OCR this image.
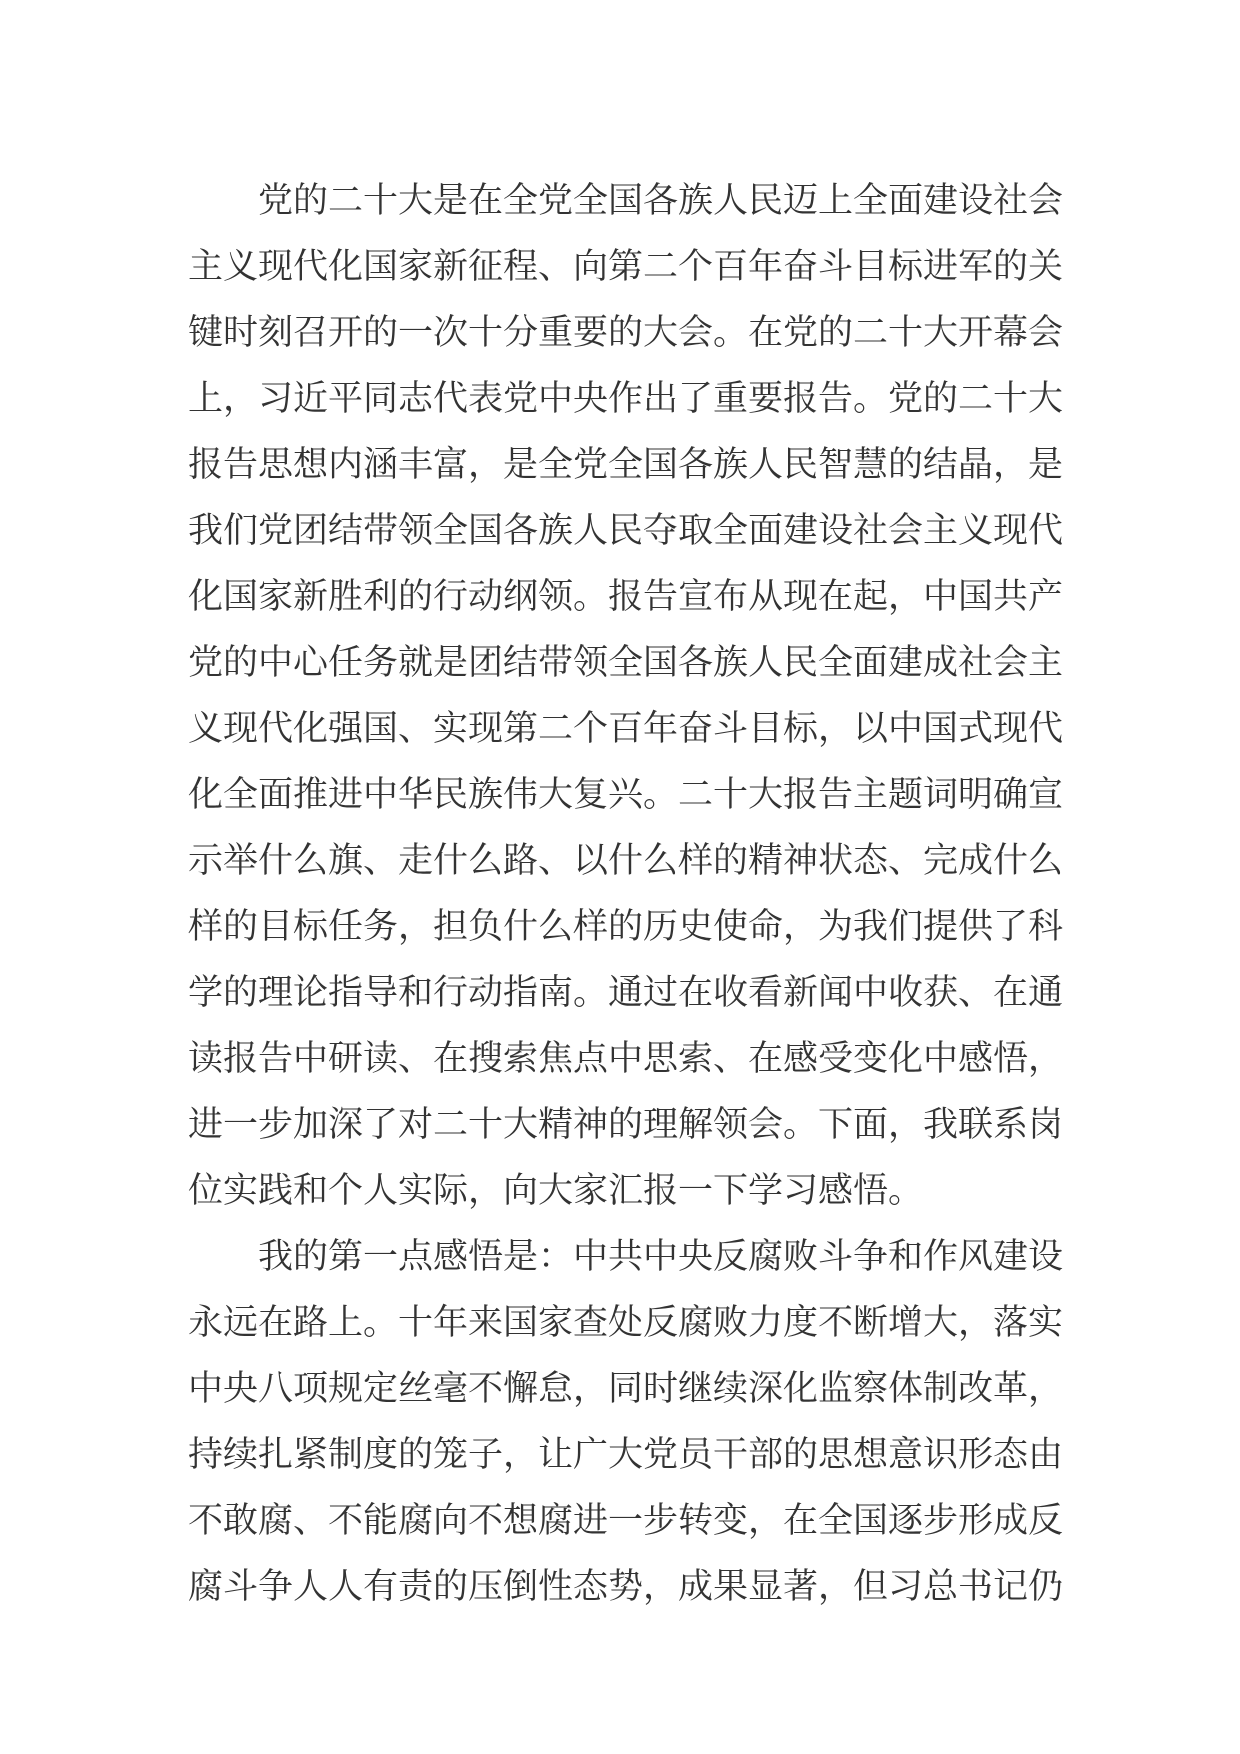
党的二十大是在全党全国各族人民迈上全面建设社会
主义现代化国家新征程、向第二个百年奋斗目标进军的关
键时刻召开的一次十分重要的大会。在党的二十大开幕会
上，习近平同志代表党中央作出了重要报告。党的二十大
报告思想内涵丰富，是全党全国各族人民智慧的结晶，是
我们党团结带领全国各族人民夺取全面建设社会主义现代
化国家新胜利的行动纲领。报告宣布从现在起，中国共产
党的中心任务就是团结带领全国各族人民全面建成社会主
义现代化强国、实现第二个百年奋斗目标，以中国式现代
化全面推进中华民族伟大复兴。二十大报告主题词明确宣
示举什么旗、走什么路、以什么样的精神状态、完成什么
样的目标任务，担负什么样的历史使命，为我们提供了科
学的理论指导和行动指南。通过在收看新闻中收获、在通
读报告中研读、在搜索焦点中思索、在感受变化中感悟，
进一步加深了对二十大精神的理解领会。下面，我联系岗
位实践和个人实际，向大家汇报一下学习感悟。
我的第一点感悟是：中共中央反腐败斗争和作风建设
永远在路上。十年来国家查处反腐败力度不断增大，落实
中央八项规定丝毫不懈怠，同时继续深化监察体制改革，
持续扎紧制度的笼子，让广大党员干部的思想意识形态由
不敢腐、不能腐向不想腐进一步转变，在全国逐步形成反
腐斗争人人有责的压倒性态势，成果显著，但习总书记仍
